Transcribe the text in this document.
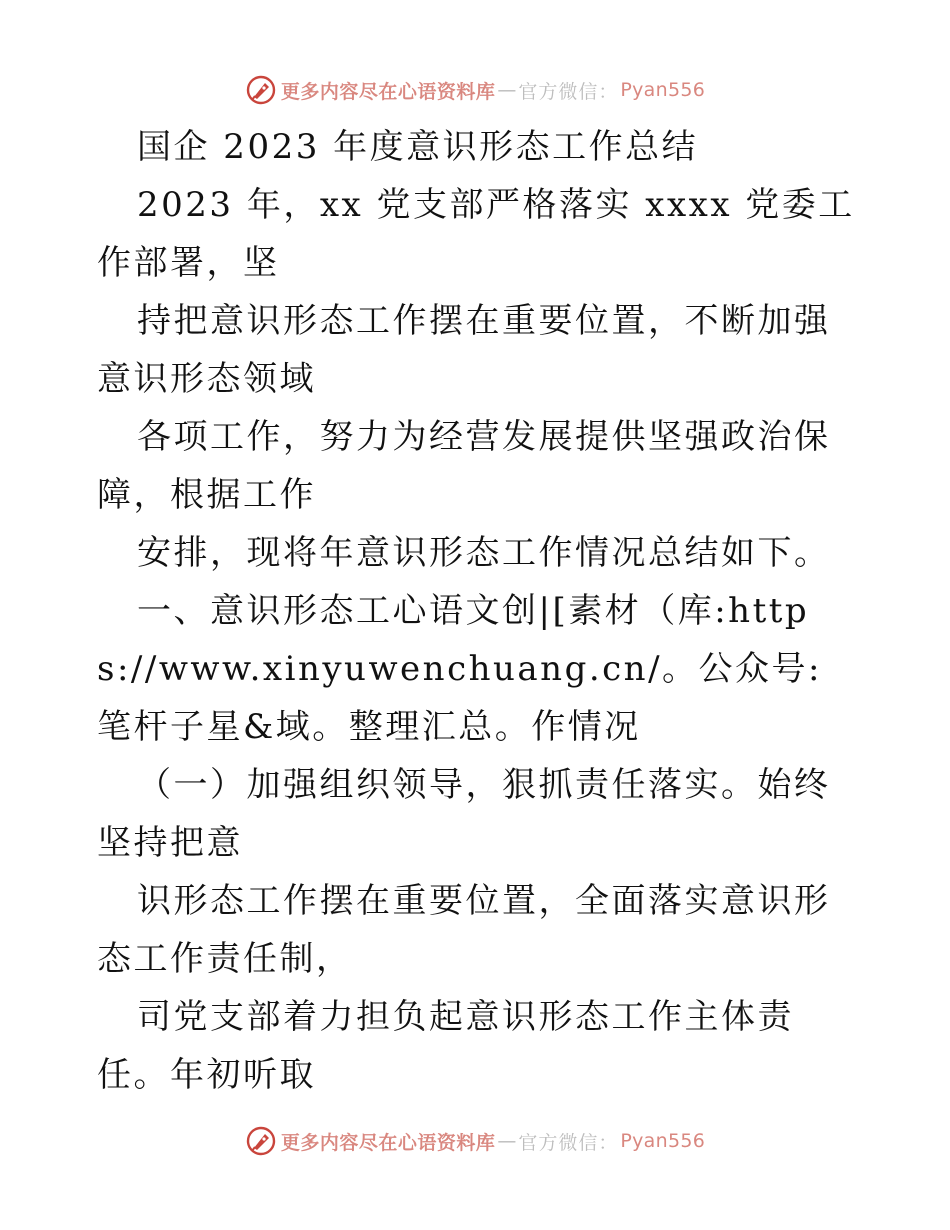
更多内容尽在心语资料库 — 官方微信： Pyan556

国企 2023 年度意识形态工作总结

2023 年，xx 党支部严格落实 xxxx 党委工作部署，坚

持把意识形态工作摆在重要位置，不断加强意识形态领域

各项工作，努力为经营发展提供坚强政治保障，根据工作

安排，现将年意识形态工作情况总结如下。

一、意识形态工心语文创|[素材（库:https://www.xinyuwenchuang.cn/。公众号: 笔杆子星&域。整理汇总。作情况

（一）加强组织领导，狠抓责任落实。始终坚持把意

识形态工作摆在重要位置，全面落实意识形态工作责任制，

司党支部着力担负起意识形态工作主体责任。年初听取

更多内容尽在心语资料库 — 官方微信： Pyan556
